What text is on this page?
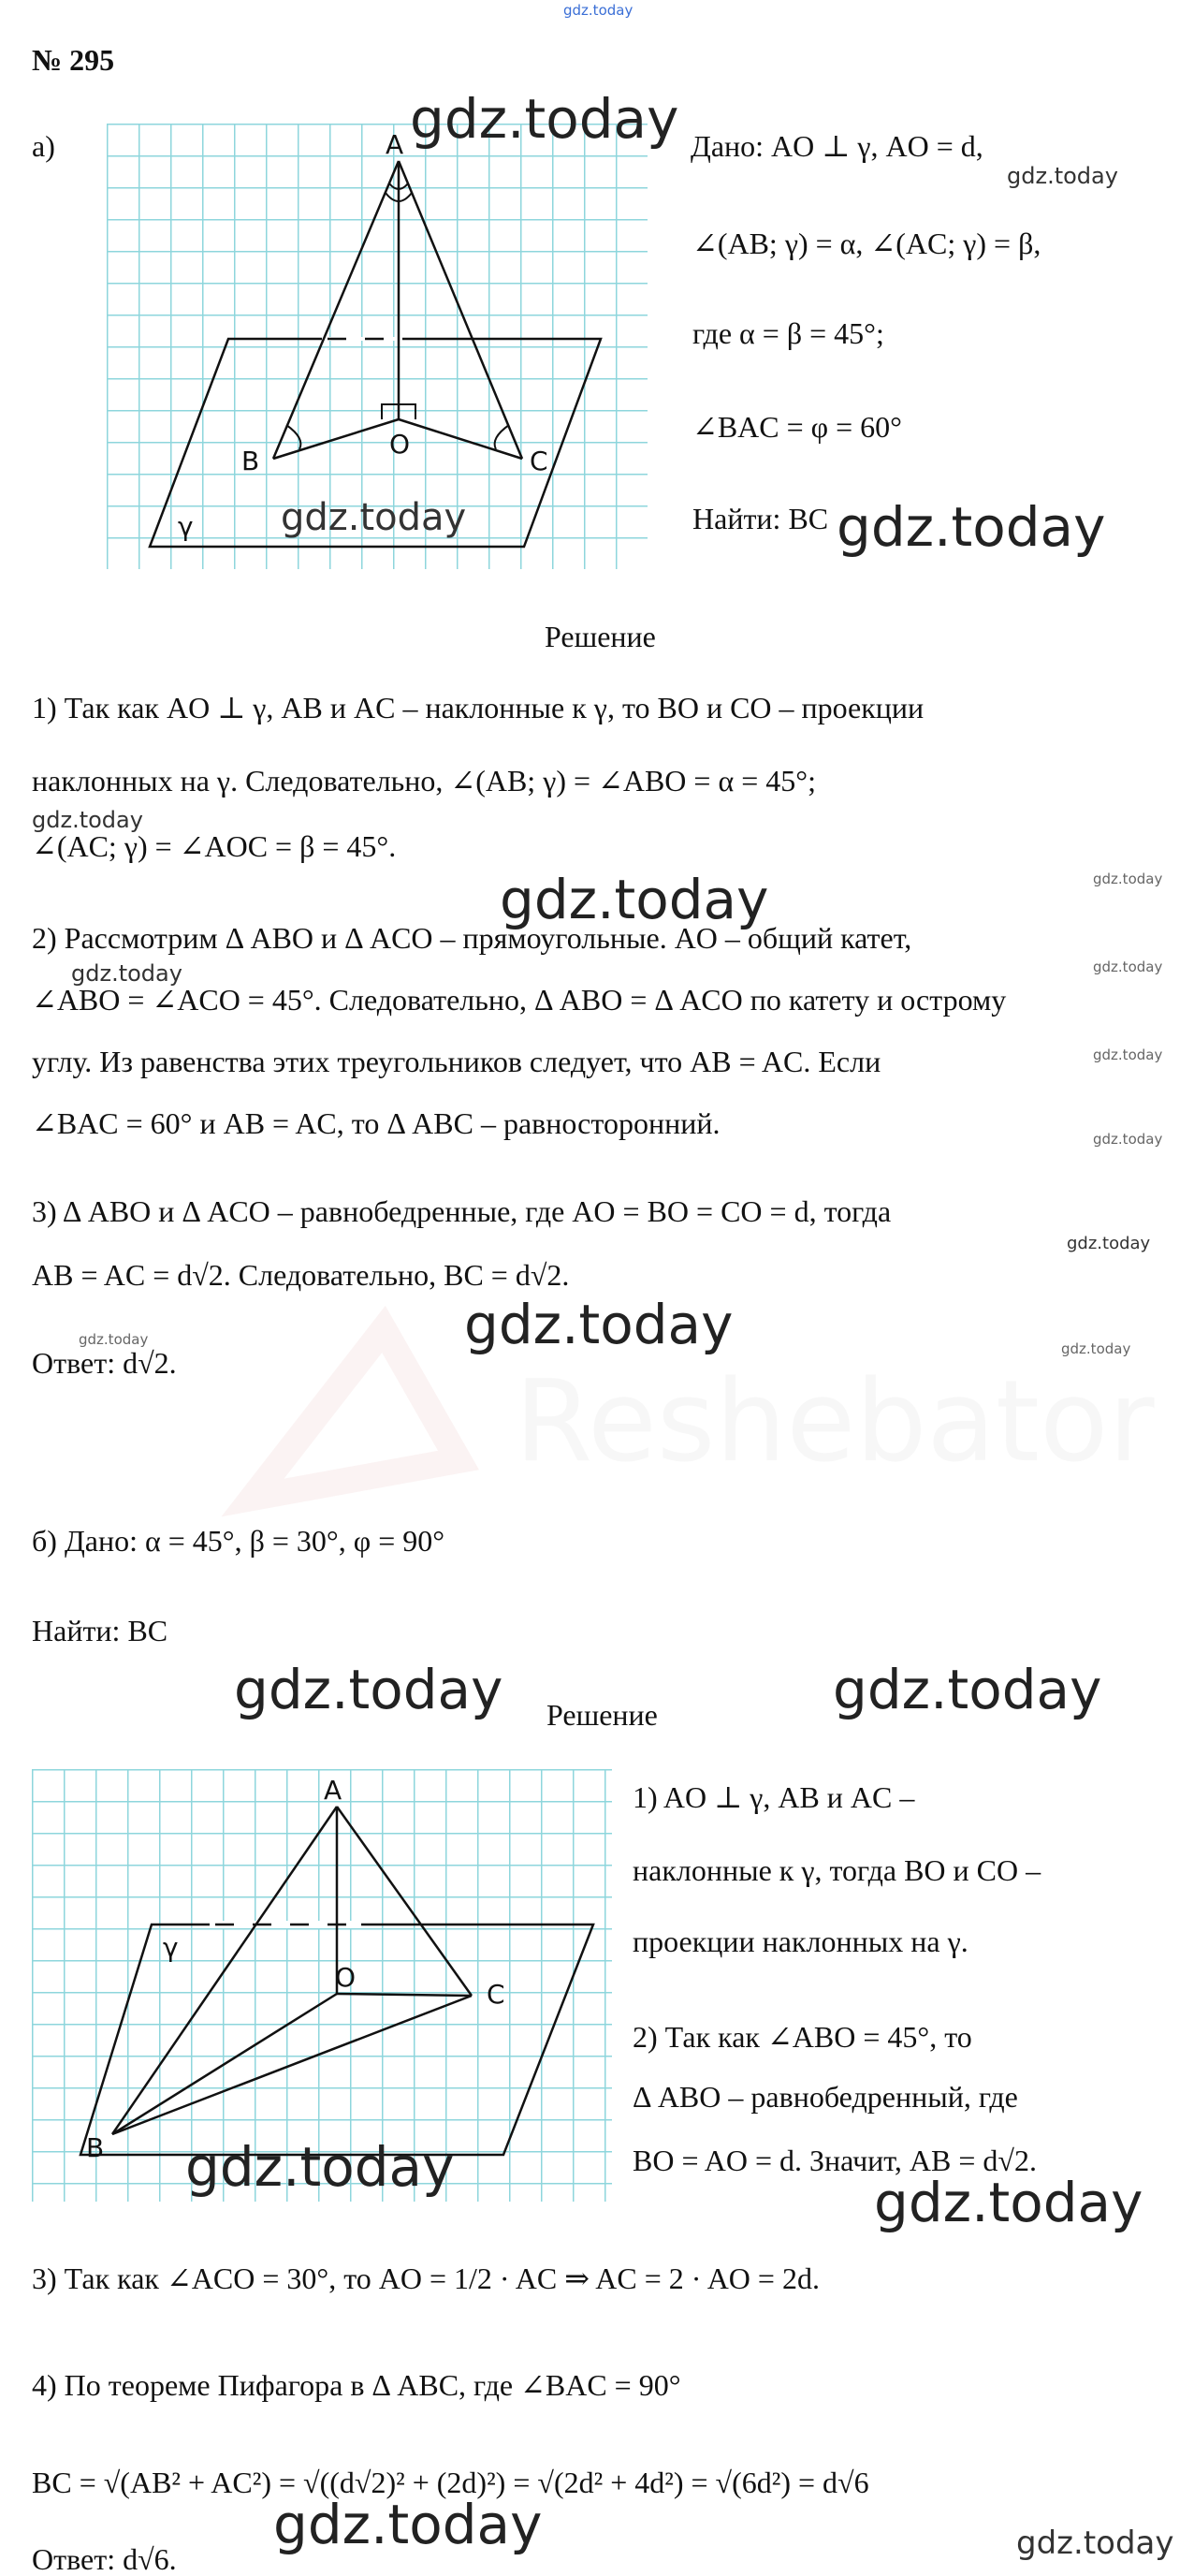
Reshebator
gdz.today
№ 295
а)	A
B
O
C
γ
Дано: AO ⊥ γ, AO = d,
∠(AB; γ) = α, ∠(AC; γ) = β,
где α = β = 45°;
∠BAC = φ = 60°
Найти: BC
Решение
1) Так как AO ⊥ γ, AB и AC – наклонные к γ, то BO и CO – проекции
наклонных на γ. Следовательно, ∠(AB; γ) = ∠ABO = α = 45°;
∠(AC; γ) = ∠AOC = β = 45°.
2) Рассмотрим Δ ABO и Δ ACO – прямоугольные. AO – общий катет,
∠ABO = ∠ACO = 45°. Следовательно, Δ ABO = Δ ACO по катету и острому
углу. Из равенства этих треугольников следует, что AB = AC. Если
∠BAC = 60° и AB = AC, то Δ ABC – равносторонний.
3) Δ ABO и Δ ACO – равнобедренные, где AO = BO = CO = d, тогда
AB = AC = d√2. Следовательно, BC = d√2.
Ответ: d√2.
б) Дано: α = 45°, β = 30°, φ = 90°
Найти: BC
Решение
A
B
O
C
γ
1) AO ⊥ γ, AB и AC –
наклонные к γ, тогда BO и CO –
проекции наклонных на γ.
2) Так как ∠ABO = 45°, то
Δ ABO – равнобедренный, где
BO = AO = d. Значит, AB = d√2.
3) Так как ∠ACO = 30°, то AO = 1/2 · AC ⇒ AC = 2 · AO = 2d.
4) По теореме Пифагора в Δ ABC, где ∠BAC = 90°
BC = √(AB² + AC²) = √((d√2)² + (2d)²) = √(2d² + 4d²) = √(6d²) = d√6
Ответ: d√6.
gdz.today
gdz.today
gdz.today	gdz.today
gdz.today
gdz.today	gdz.today
gdz.today
gdz.today
gdz.today
gdz.today
gdz.today
gdz.today
gdz.today
gdz.today
gdz.today	gdz.today
gdz.today
gdz.today
gdz.today	gdz.today
